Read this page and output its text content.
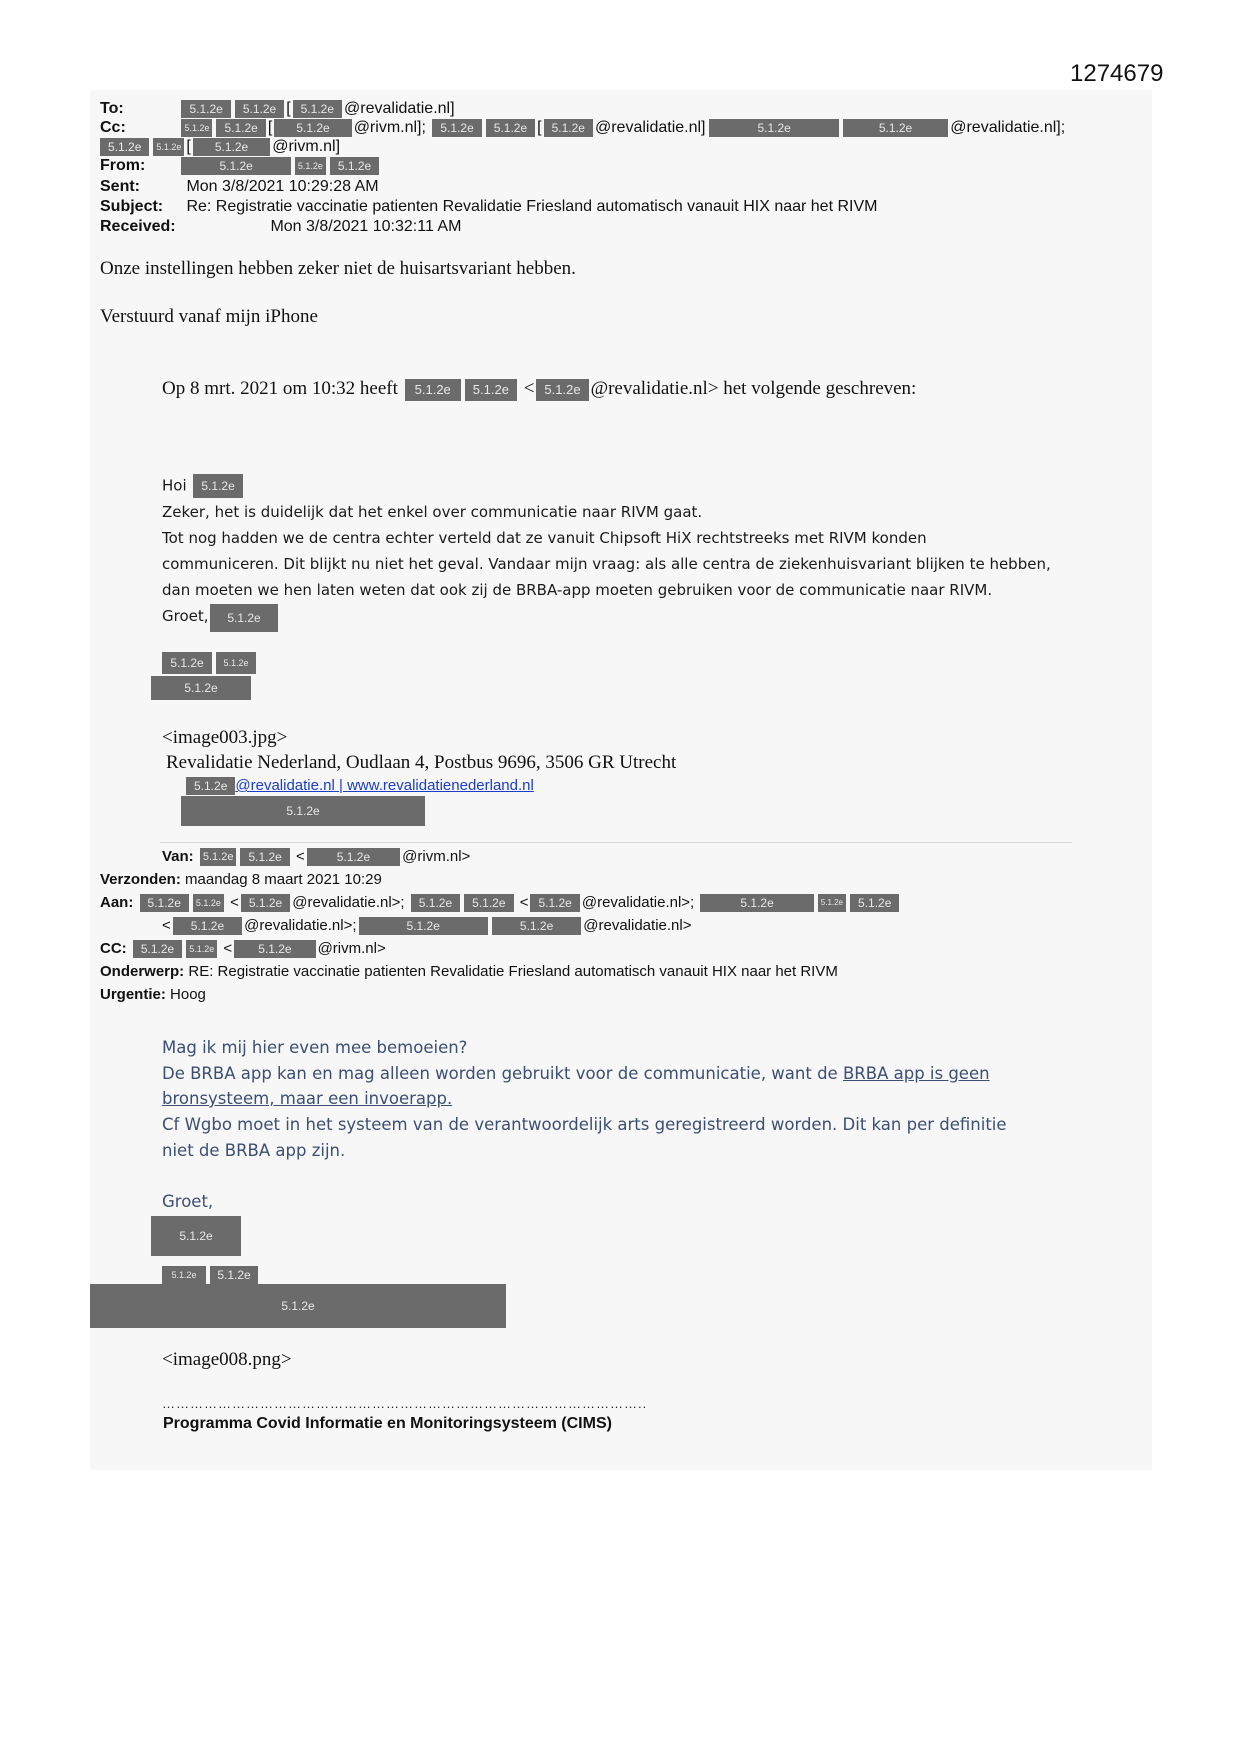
1274679
To:	5.1.2e 5.1.2e [ 5.1.2e @revalidatie.nl]
Cc:	5.1.2e 5.1.2e [ 5.1.2e @rivm.nl]; 5.1.2e 5.1.2e [ 5.1.2e @revalidatie.nl]	5.1.2e	5.1.2e @revalidatie.nl];
5.1.2e 5.1.2e [ 5.1.2e @rivm.nl]
From:	5.1.2e	5.1.2e 5.1.2e
Sent:	Mon 3/8/2021 10:29:28 AM
Subject: Re: Registratie vaccinatie patienten Revalidatie Friesland automatisch vanauit HIX naar het RIVM
Received:	Mon 3/8/2021 10:32:11 AM
Onze instellingen hebben zeker niet de huisartsvariant hebben.
Verstuurd vanaf mijn iPhone
Op 8 mrt. 2021 om 10:32 heeft 5.1.2e 5.1.2e < 5.1.2e @revalidatie.nl> het volgende geschreven:
Hoi 5.1.2e
Zeker, het is duidelijk dat het enkel over communicatie naar RIVM gaat.
Tot nog hadden we de centra echter verteld dat ze vanuit Chipsoft HiX rechtstreeks met RIVM konden
communiceren. Dit blijkt nu niet het geval. Vandaar mijn vraag: als alle centra de ziekenhuisvariant blijken te hebben,
dan moeten we hen laten weten dat ook zij de BRBA-app moeten gebruiken voor de communicatie naar RIVM.
Groet,	5.1.2e
5.1.2e	5.1.2e
5.1.2e
<image003.jpg>
Revalidatie Nederland, Oudlaan 4, Postbus 9696, 3506 GR Utrecht
5.1.2e @revalidatie.nl | www.revalidatienederland.nl
5.1.2e
Van: 5.1.2e 5.1.2e <	5.1.2e @rivm.nl>
Verzonden: maandag 8 maart 2021 10:29
Aan: 5.1.2e 5.1.2e < 5.1.2e @revalidatie.nl>; 5.1.2e 5.1.2e < 5.1.2e @revalidatie.nl>;	5.1.2e	5.1.2e 5.1.2e
< 5.1.2e @revalidatie.nl>;	5.1.2e	5.1.2e @revalidatie.nl>
CC: 5.1.2e 5.1.2e < 5.1.2e @rivm.nl>
Onderwerp: RE: Registratie vaccinatie patienten Revalidatie Friesland automatisch vanauit HIX naar het RIVM
Urgentie: Hoog
Mag ik mij hier even mee bemoeien?
De BRBA app kan en mag alleen worden gebruikt voor de communicatie, want de BRBA app is geen
bronsysteem, maar een invoerapp.
Cf Wgbo moet in het systeem van de verantwoordelijk arts geregistreerd worden. Dit kan per definitie
niet de BRBA app zijn.
Groet,
5.1.2e
5.1.2e	5.1.2e
5.1.2e
<image008.png>
…………………………………………………………………………………………..
Programma Covid Informatie en Monitoringsysteem (CIMS)
